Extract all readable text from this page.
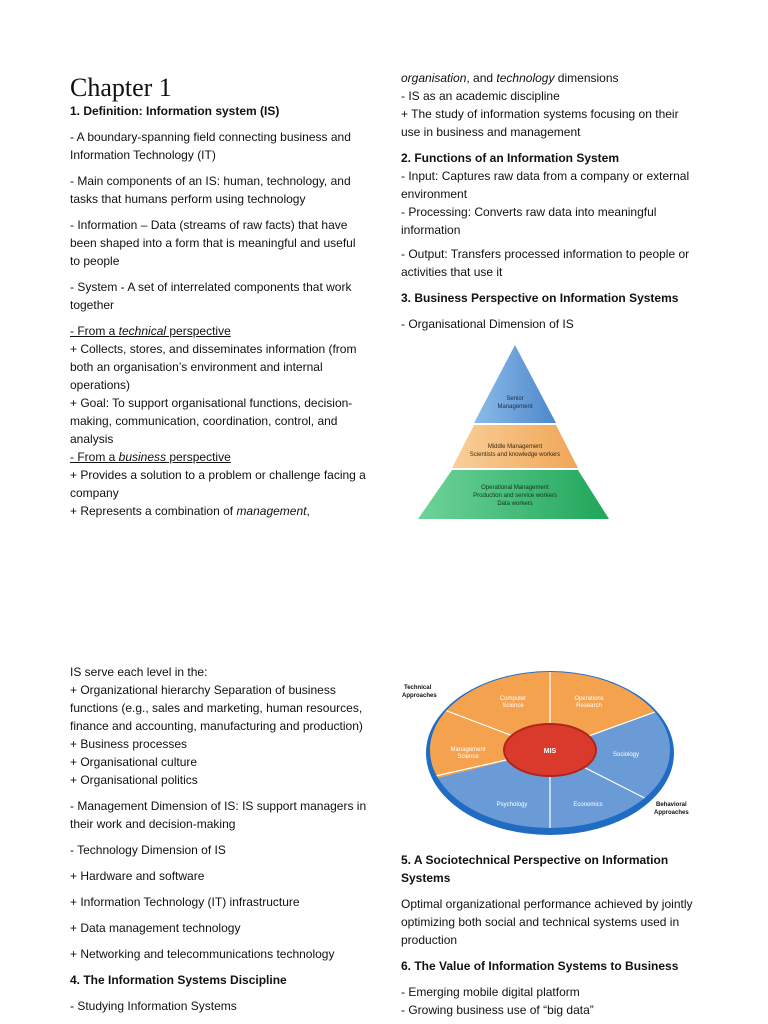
Chapter 1

1. Definition: Information system (IS)

- A boundary-spanning field connecting business and Information Technology (IT)

- Main components of an IS: human, technology, and tasks that humans perform using technology

- Information – Data (streams of raw facts) that have been shaped into a form that is meaningful and useful to people

- System - A set of interrelated components that work together

- From a technical perspective

+ Collects, stores, and disseminates information (from both an organisation’s environment and internal operations)

+ Goal: To support organisational functions, decision-making, communication, coordination, control, and analysis

- From a business perspective

+ Provides a solution to a problem or challenge facing a company

+ Represents a combination of management,

organisation, and technology dimensions

- IS as an academic discipline

+ The study of information systems focusing on their use in business and management

2. Functions of an Information System

- Input: Captures raw data from a company or external environment

- Processing: Converts raw data into meaningful information

- Output: Transfers processed information to people or activities that use it

3. Business Perspective on Information Systems

- Organisational Dimension of IS

Senior
Management
Middle Management
Scientists and knowledge workers
Operational Management
Production and service workers
Data workers

IS serve each level in the:

+ Organizational hierarchy Separation of business functions (e.g., sales and marketing, human resources, finance and accounting, manufacturing and production)

+ Business processes

+ Organisational culture

+ Organisational politics

- Management Dimension of IS: IS support managers in their work and decision-making

- Technology Dimension of IS

+ Hardware and software

+ Information Technology (IT) infrastructure

+ Data management technology

+ Networking and telecommunications technology

4. The Information Systems Discipline

- Studying Information Systems

MIS
Computer
Science
Operations
Research
Management
Science	Sociology
Psychology	Economics
Technical
Approaches
Behavioral
Approaches

5. A Sociotechnical Perspective on Information Systems

Optimal organizational performance achieved by jointly optimizing both social and technical systems used in production

6. The Value of Information Systems to Business

- Emerging mobile digital platform

- Growing business use of “big data”
